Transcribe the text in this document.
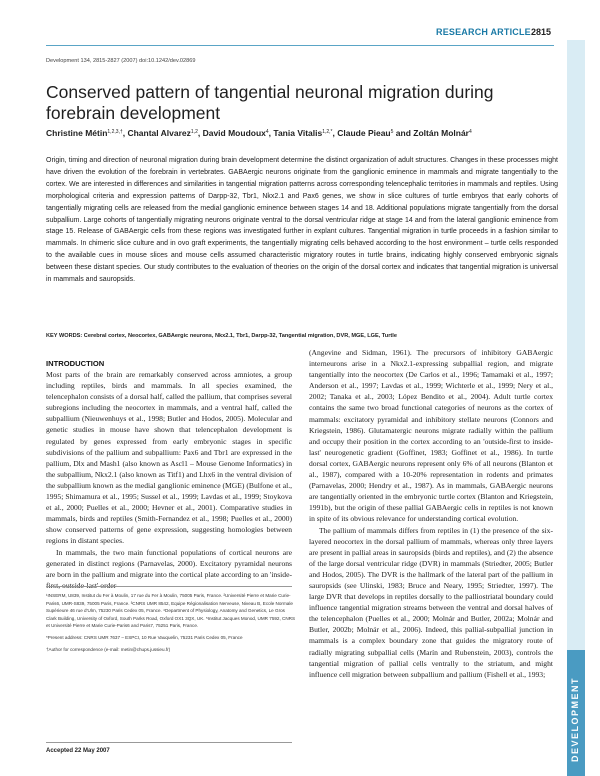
RESEARCH ARTICLE 2815
Development 134, 2815-2827 (2007) doi:10.1242/dev.02869
Conserved pattern of tangential neuronal migration during forebrain development
Christine Métin$^{1,2,3,\dagger}$, Chantal Alvarez$^{1,2}$, David Moudoux$^4$, Tania Vitalis$^{1,2,*}$, Claude Pieau$^5$ and Zoltán Molnár$^4$

Origin, timing and direction of neuronal migration during brain development determine the distinct organization of adult structures. Changes in these processes might have driven the evolution of the forebrain in vertebrates. GABAergic neurons originate from the ganglionic eminence in mammals and migrate tangentially to the cortex. We are interested in differences and similarities in tangential migration patterns across corresponding telencephalic territories in mammals and reptiles. Using morphological criteria and expression patterns of Darpp-32, Tbr1, Nkx2.1 and Pax6 genes, we show in slice cultures of turtle embryos that early cohorts of tangentially migrating cells are released from the medial ganglionic eminence between stages 14 and 18. Additional populations migrate tangentially from the dorsal subpallium. Large cohorts of tangentially migrating neurons originate ventral to the dorsal ventricular ridge at stage 14 and from the lateral ganglionic eminence from stage 15. Release of GABAergic cells from these regions was investigated further in explant cultures. Tangential migration in turtle proceeds in a fashion similar to mammals. In chimeric slice culture and in ovo graft experiments, the tangentially migrating cells behaved according to the host environment – turtle cells responded to the available cues in mouse slices and mouse cells assumed characteristic migratory routes in turtle brains, indicating highly conserved embryonic signals between these distant species. Our study contributes to the evaluation of theories on the origin of the dorsal cortex and indicates that tangential migration is universal in mammals and sauropsids.

KEY WORDS: Cerebral cortex, Neocortex, GABAergic neurons, Nkx2.1, Tbr1, Darpp-32, Tangential migration, DVR, MGE, LGE, Turtle

INTRODUCTION

Most parts of the brain are remarkably conserved across amniotes, a group including reptiles, birds and mammals. In all species examined, the telencephalon consists of a dorsal half, called the pallium, that comprises several subregions including the neocortex in mammals, and a ventral half, called the subpallium (Nieuwenhuys et al., 1998; Butler and Hodos, 2005). Molecular and genetic studies in mouse have shown that telencephalon development is regulated by genes expressed from early embryonic stages in specific subdivisions of the pallium and subpallium: Pax6 and Tbr1 are expressed in the pallium, Dlx and Mash1 (also known as Ascl1 – Mouse Genome Informatics) in the subpallium, Nkx2.1 (also known as Titf1) and Lhx6 in the ventral division of the subpallium known as the medial ganglionic eminence (MGE) (Bulfone et al., 1995; Shimamura et al., 1995; Sussel et al., 1999; Lavdas et al., 1999; Stoykova et al., 2000; Puelles et al., 2000; Hevner et al., 2001). Comparative studies in mammals, birds and reptiles (Smith-Fernandez et al., 1998; Puelles et al., 2000) show conserved patterns of gene expression, suggesting homologies between regions in distant species.

In mammals, the two main functional populations of cortical neurons are generated in distinct regions (Parnavelas, 2000). Excitatory pyramidal neurons are born in the pallium and migrate into the cortical plate according to an 'inside-

(Angevine and Sidman, 1961). The precursors of inhibitory GABAergic interneurons arise in a Nkx2.1-expressing subpallial region, and migrate tangentially into the neocortex (De Carlos et al., 1996; Tamamaki et al., 1997; Anderson et al., 1997; Lavdas et al., 1999; Wichterle et al., 1999; Nery et al., 2002; Tanaka et al., 2003; López Bendito et al., 2004). Adult turtle cortex contains the same two broad functional categories of neurons as the cortex of mammals: excitatory pyramidal and inhibitory stellate neurons (Connors and Kriegstein, 1986). Glutamatergic neurons migrate radially within the pallium and occupy their position in the cortex according to an 'outside-first to inside-last' neurogenetic gradient (Goffinet, 1983; Goffinet et al., 1986). In turtle dorsal cortex, GABAergic neurons represent only 6% of all neurons (Blanton et al., 1987), compared with a 10-20% representation in rodents and primates (Parnavelas, 2000; Hendry et al., 1987). As in mammals, GABAergic neurons are tangentially oriented in the embryonic turtle cortex (Blanton and Kriegstein, 1991b), but the origin of these pallial GABAergic cells in reptiles is not known in spite of its obvious relevance for understanding cortical evolution.

The pallium of mammals differs from reptiles in (1) the presence of the six-layered neocortex in the dorsal pallium of mammals, whereas only three layers are present in pallial areas in sauropsids (birds and reptiles), and (2) the absence of the large dorsal ventricular ridge (DVR) in mammals (Striedter, 2005; Butler and Hodos, 2005). The DVR is the hallmark of the lateral part of the pallium in sauropsids (see Ulinski, 1983; Bruce and Neary, 1995; Striedter, 1997). The large DVR that develops in reptiles dorsally to the palliostriatal boundary could influence tangential migration streams between the ventral and dorsal halves of the telencephalon (Puelles et al., 2000; Molnár and Butler, 2002a; Molnár and Butler, 2002b; Molnár et al., 2006). Indeed, this pallial-subpallial junction in mammals is a complex boundary zone that guides the migratory route of radially migrating subpallial cells (Marín and Rubenstein, 2003), controls the tangential migration of pallial cells ventrally to the striatum, and might influence cell migration between subpallium and pallium (Fishell et al., 1993;

¹INSERM, U839, Institut du Fer à Moulin, 17 rue du Fer à Moulin, 75005 Paris, France. ²Université Pierre et Marie Curie-Paris6, UMR-S839, 75005 Paris, France. ³CNRS UMR 8542, Equipe Régionalisation Nerveuse, Niveau B, Ecole Normale Supérieure 46 rue d'Ulm, 75230 Paris Cedex 05, France. ⁴Department of Physiology, Anatomy and Genetics, Le Gros Clark Building, University of Oxford, South Parks Road, Oxford OX1 3QX, UK. ⁵Institut Jacques Monod, UMR 7592, CNRS et Université Pierre et Marie Curie-Paris6 and Paris7, 75251 Paris, France.

*Present address: CNRS UMR 7637 – ESPCI, 10 Rue Vauquelin, 75231 Paris Cedex 05, France

†Author for correspondence (e-mail: metin@chups.jussieu.fr)

Accepted 22 May 2007	DEVELOPMENT
